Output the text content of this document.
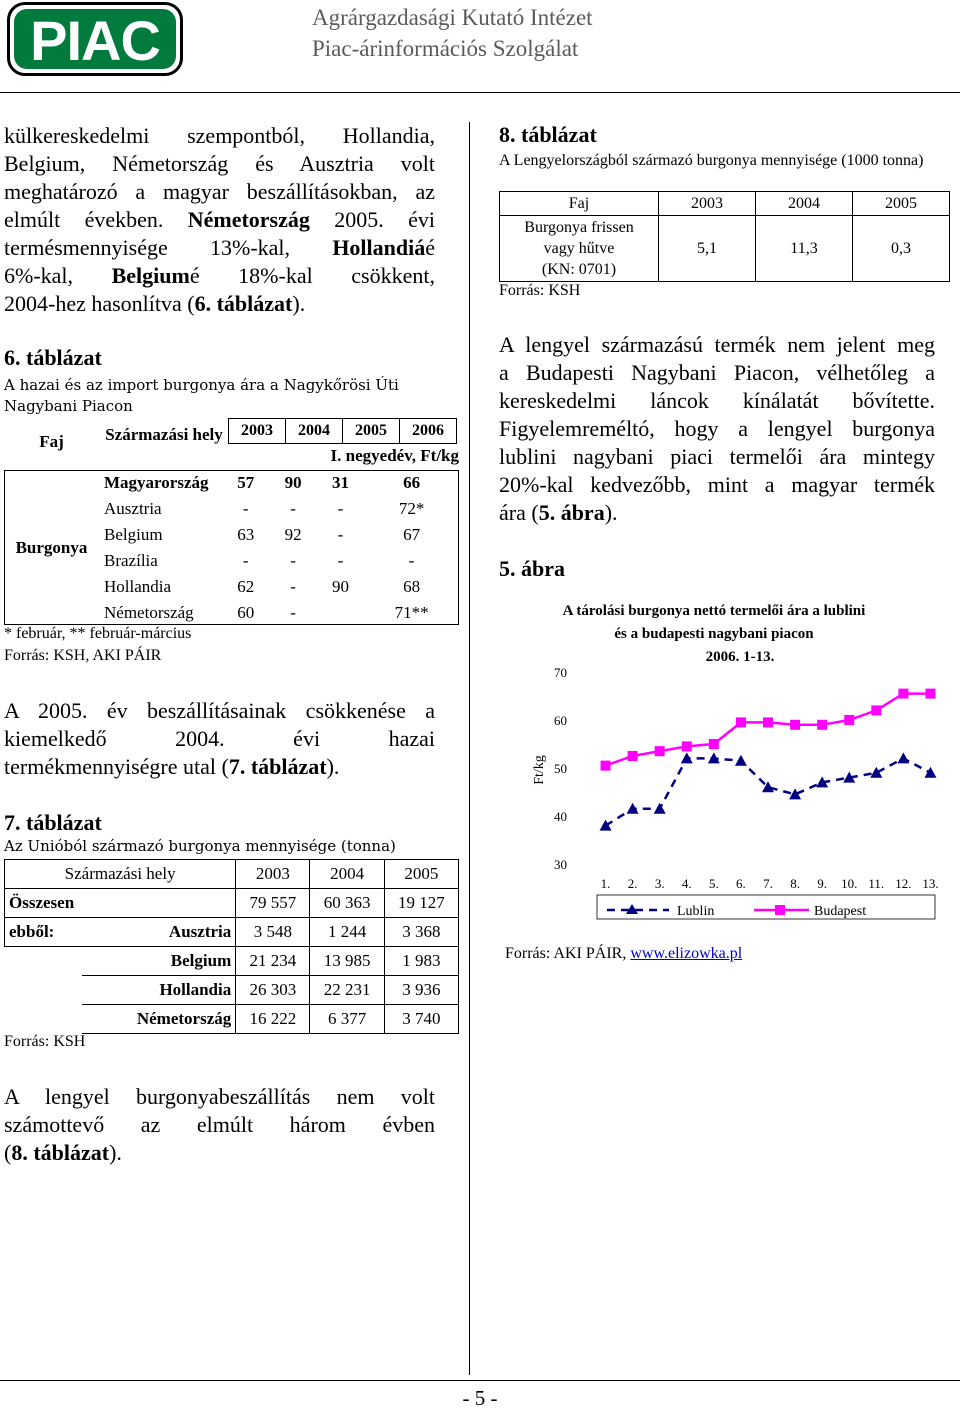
PIAC	Agrárgazdasági Kutató Intézet
Piac-árinformációs Szolgálat
külkereskedelmi szempontból, Hollandia,
Belgium, Németország és Ausztria volt
meghatározó a magyar beszállításokban, az
elmúlt években. Németország 2005. évi
termésmennyisége 13%-kal, Hollandiáé
6%-kal, Belgiumé 18%-kal csökkent,
2004-hez hasonlítva (6. táblázat).
6. táblázat
A hazai és az import burgonya ára a Nagykőrösi Úti Nagybani Piacon
Faj	Származási hely 2003	2004	2005	2006
I. negyedév, Ft/kg
Burgonya
Magyarország	57	90	31	66
Ausztria	-	-	-	72*
Belgium	63	92	-	67
Brazília	-	-	-	-
Hollandia	62	-	90	68
Németország	60	-		71**
* február, ** február-március
Forrás: KSH, AKI PÁIR
A 2005. év beszállításainak csökkenése a
kiemelkedő 2004. évi hazai
termékmennyiségre utal (7. táblázat).
7. táblázat
Az Unióból származó burgonya mennyisége (tonna)
Származási hely		2003	2004	2005
Összesen		79 557	60 363	19 127
ebből:	Ausztria	3 548	1 244	3 368
	Belgium	21 234	13 985	1 983
	Hollandia	26 303	22 231	3 936
	Németország	16 222	6 377	3 740
Forrás: KSH
A lengyel burgonyabeszállítás nem volt
számottevő az elmúlt három évben
(8. táblázat).
8. táblázat
A Lengyelországból származó burgonya mennyisége (1000 tonna)
Faj	2003	2004	2005

Burgonya frissen
vagy hűtve
(KN: 0701)	5,1	11,3	0,3
Forrás: KSH
A lengyel származású termék nem jelent meg
a Budapesti Nagybani Piacon, vélhetőleg a
kereskedelmi láncok kínálatát bővítette.
Figyelemreméltó, hogy a lengyel burgonya
lublini nagybani piaci termelői ára mintegy
20%-kal kedvezőbb, mint a magyar termék
ára (5. ábra).
5. ábra
A tárolási burgonya nettó termelői ára a lublini
és a budapesti nagybani piacon
2006. 1-13.
Ft/kg
30
40
50
60
70
1. 2. 3. 4. 5. 6. 7. 8. 9. 10. 11. 12. 13.
Lublin	Budapest
Forrás: AKI PÁIR, www.elizowka.pl
- 5 -
